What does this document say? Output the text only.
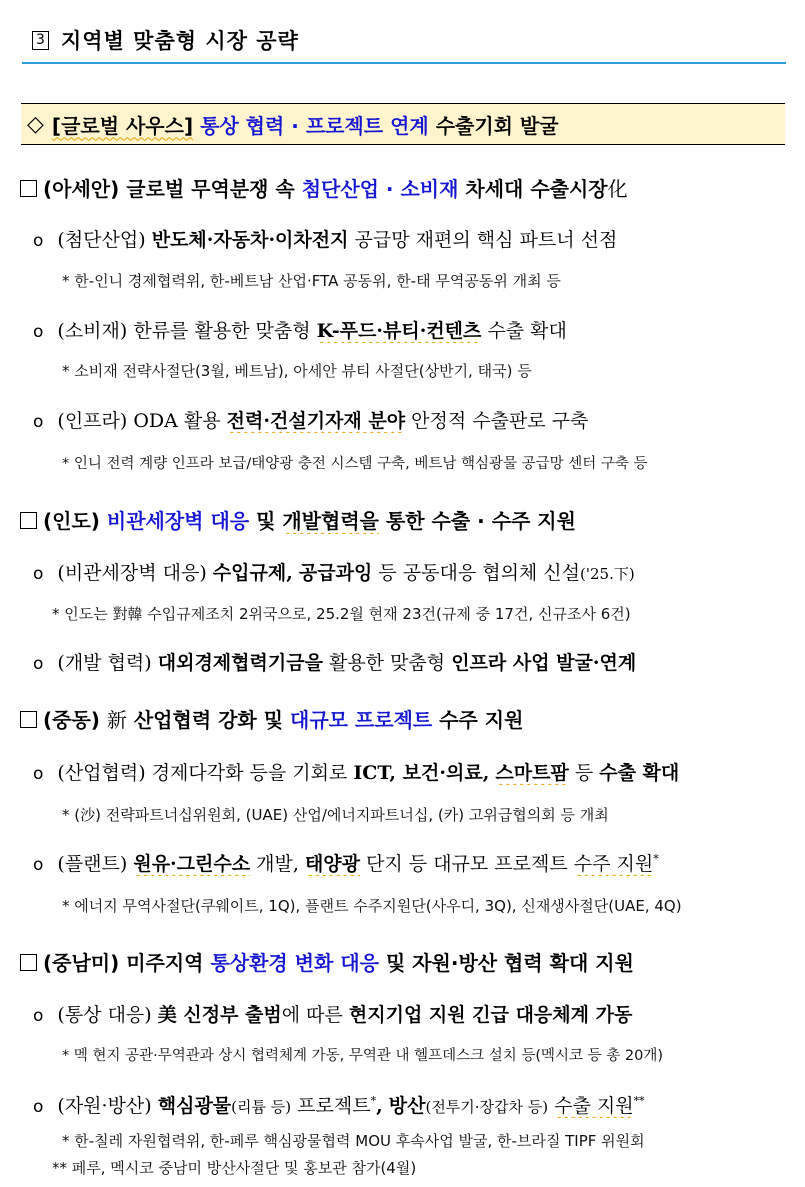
3 지역별 맞춤형 시장 공략
◇ [글로벌 사우스]
통상 협력 · 프로젝트 연계
수출기회 발굴
(아세안) 글로벌 무역분쟁 속 첨단산업 · 소비재 차세대 수출시장化
o (첨단산업) 반도체·자동차·이차전지 공급망 재편의 핵심 파트너 선점
* 한-인니 경제협력위, 한-베트남 산업·FTA 공동위, 한-태 무역공동위 개최 등
o (소비재) 한류를 활용한 맞춤형 K-푸드·뷰티·컨텐츠 수출 확대
* 소비재 전략사절단(3월, 베트남), 아세안 뷰티 사절단(상반기, 태국) 등
o (인프라) ODA 활용 전력·건설기자재 분야 안정적 수출판로 구축
* 인니 전력 계량 인프라 보급/태양광 충전 시스템 구축, 베트남 핵심광물 공급망 센터 구축 등
(인도) 비관세장벽 대응 및 개발협력을 통한 수출 · 수주 지원
o (비관세장벽 대응) 수입규제, 공급과잉 등 공동대응 협의체 신설('25.下)
* 인도는 對韓 수입규제조치 2위국으로, 25.2월 현재 23건(규제 중 17건, 신규조사 6건)
o (개발 협력) 대외경제협력기금을 활용한 맞춤형 인프라 사업 발굴·연계
(중동) 新 산업협력 강화 및 대규모 프로젝트 수주 지원
o (산업협력) 경제다각화 등을 기회로 ICT, 보건·의료, 스마트팜 등 수출 확대
* (沙) 전략파트너십위원회, (UAE) 산업/에너지파트너십, (카) 고위급협의회 등 개최
o (플랜트) 원유·그린수소 개발, 태양광 단지 등 대규모 프로젝트 수주 지원*
* 에너지 무역사절단(쿠웨이트, 1Q), 플랜트 수주지원단(사우디, 3Q), 신재생사절단(UAE, 4Q)
(중남미) 미주지역 통상환경 변화 대응 및 자원·방산 협력 확대 지원
o (통상 대응) 美 신정부 출범에 따른 현지기업 지원 긴급 대응체계 가동
* 멕 현지 공관·무역관과 상시 협력체계 가동, 무역관 내 헬프데스크 설치 등(멕시코 등 총 20개)
o (자원·방산) 핵심광물(리튬 등) 프로젝트*, 방산(전투기·장갑차 등) 수출 지원**
* 한-칠레 자원협력위, 한-페루 핵심광물협력 MOU 후속사업 발굴, 한-브라질 TIPF 위원회
** 페루, 멕시코 중남미 방산사절단 및 홍보관 참가(4월)
